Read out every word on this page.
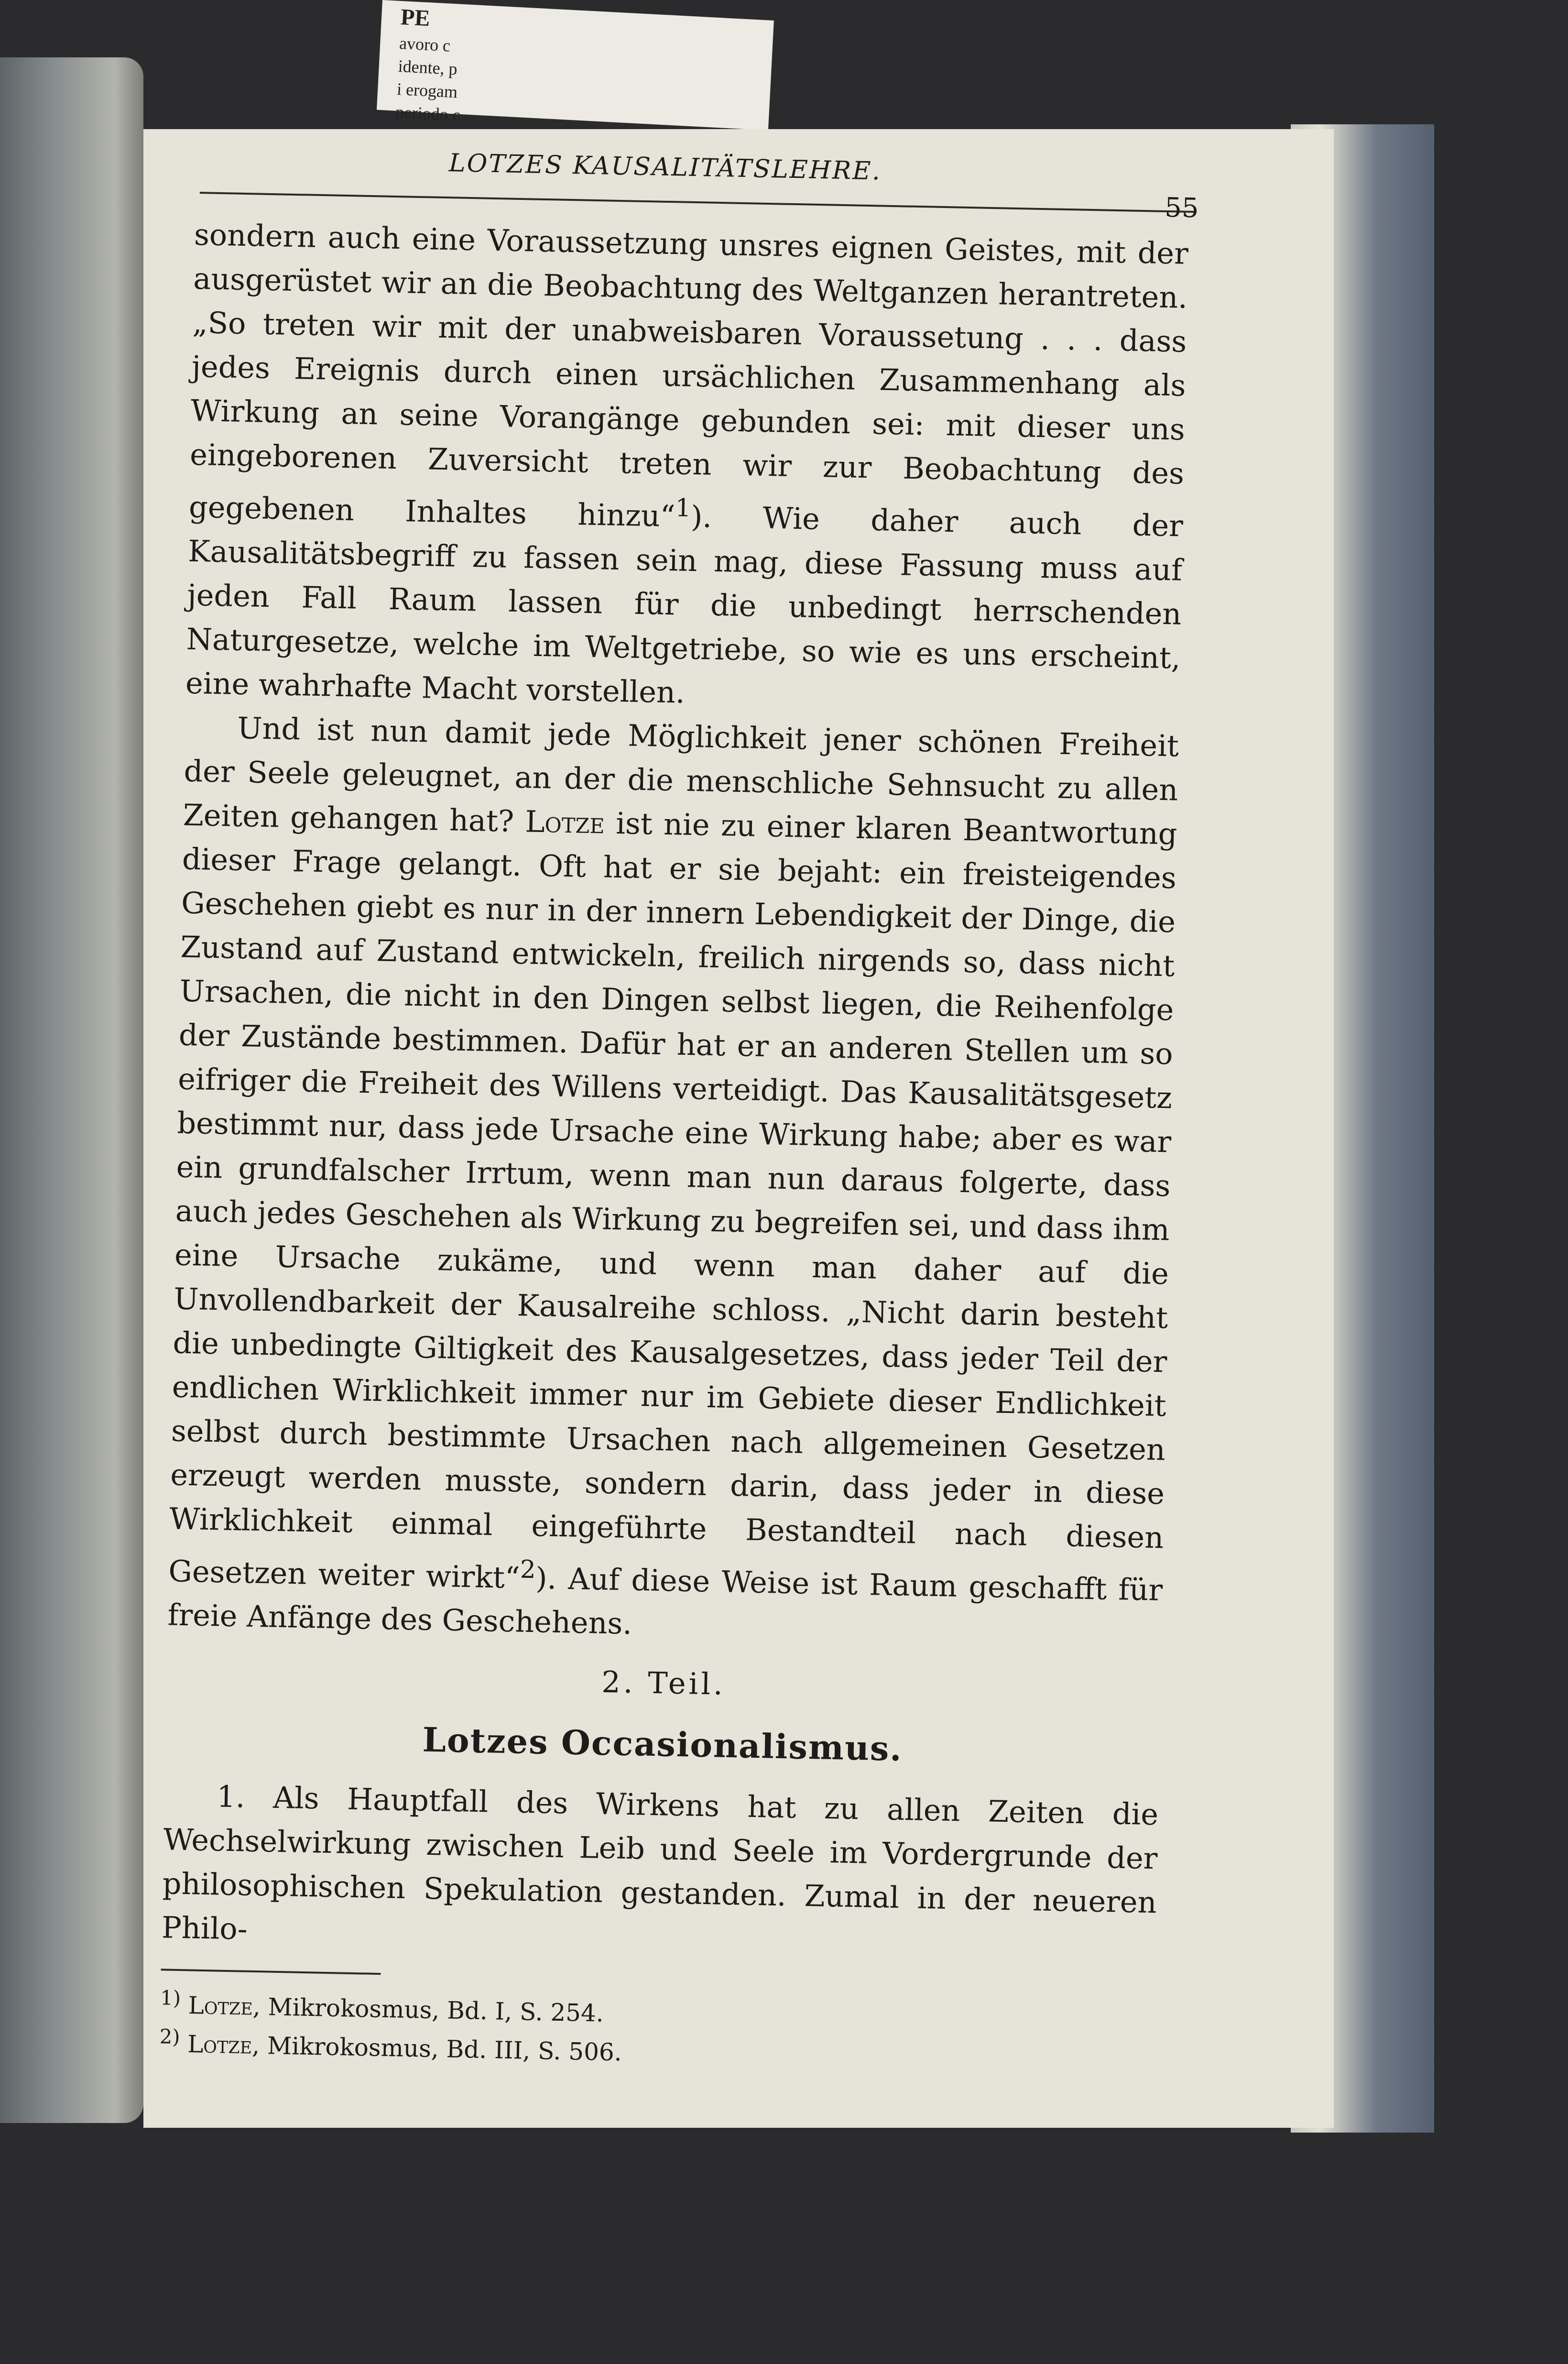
PE
avoro c
idente, p
i erogam
periodo c
LOTZES KAUSALITÄTSLEHRE.
55

sondern auch eine Voraussetzung unsres eignen Geistes, mit der ausgerüstet wir an die Beobachtung des Weltganzen herantreten. „So treten wir mit der unabweisbaren Voraussetung . . . dass jedes Ereignis durch einen ursächlichen Zusammenhang als Wirkung an seine Vorangänge gebunden sei: mit dieser uns eingeborenen Zuversicht treten wir zur Beobachtung des gegebenen Inhaltes hinzu“$^1$). Wie daher auch der Kausalitätsbegriff zu fassen sein mag, diese Fassung muss auf jeden Fall Raum lassen für die unbedingt herrschenden Naturgesetze, welche im Weltgetriebe, so wie es uns erscheint, eine wahrhafte Macht vorstellen.

Und ist nun damit jede Möglichkeit jener schönen Freiheit der Seele geleugnet, an der die menschliche Sehnsucht zu allen Zeiten gehangen hat? Lotze ist nie zu einer klaren Beantwortung dieser Frage gelangt. Oft hat er sie bejaht: ein freisteigendes Geschehen giebt es nur in der innern Lebendigkeit der Dinge, die Zustand auf Zustand entwickeln, freilich nirgends so, dass nicht Ursachen, die nicht in den Dingen selbst liegen, die Reihenfolge der Zustände bestimmen. Dafür hat er an anderen Stellen um so eifriger die Freiheit des Willens verteidigt. Das Kausalitätsgesetz bestimmt nur, dass jede Ursache eine Wirkung habe; aber es war ein grundfalscher Irrtum, wenn man nun daraus folgerte, dass auch jedes Geschehen als Wirkung zu begreifen sei, und dass ihm eine Ursache zukäme, und wenn man daher auf die Unvollendbarkeit der Kausalreihe schloss. „Nicht darin besteht die unbedingte Giltigkeit des Kausalgesetzes, dass jeder Teil der endlichen Wirklichkeit immer nur im Gebiete dieser Endlichkeit selbst durch bestimmte Ursachen nach allgemeinen Gesetzen erzeugt werden musste, sondern darin, dass jeder in diese Wirklichkeit einmal eingeführte Bestandteil nach diesen Gesetzen weiter wirkt“$^2$). Auf diese Weise ist Raum geschafft für freie Anfänge des Geschehens.

2. Teil.
Lotzes Occasionalismus.

1. Als Hauptfall des Wirkens hat zu allen Zeiten die Wechselwirkung zwischen Leib und Seele im Vordergrunde der philosophischen Spekulation gestanden. Zumal in der neueren Philo-

$^{1)}$ Lotze, Mikrokosmus, Bd. I, S. 254.
$^{2)}$ Lotze, Mikrokosmus, Bd. III, S. 506.
